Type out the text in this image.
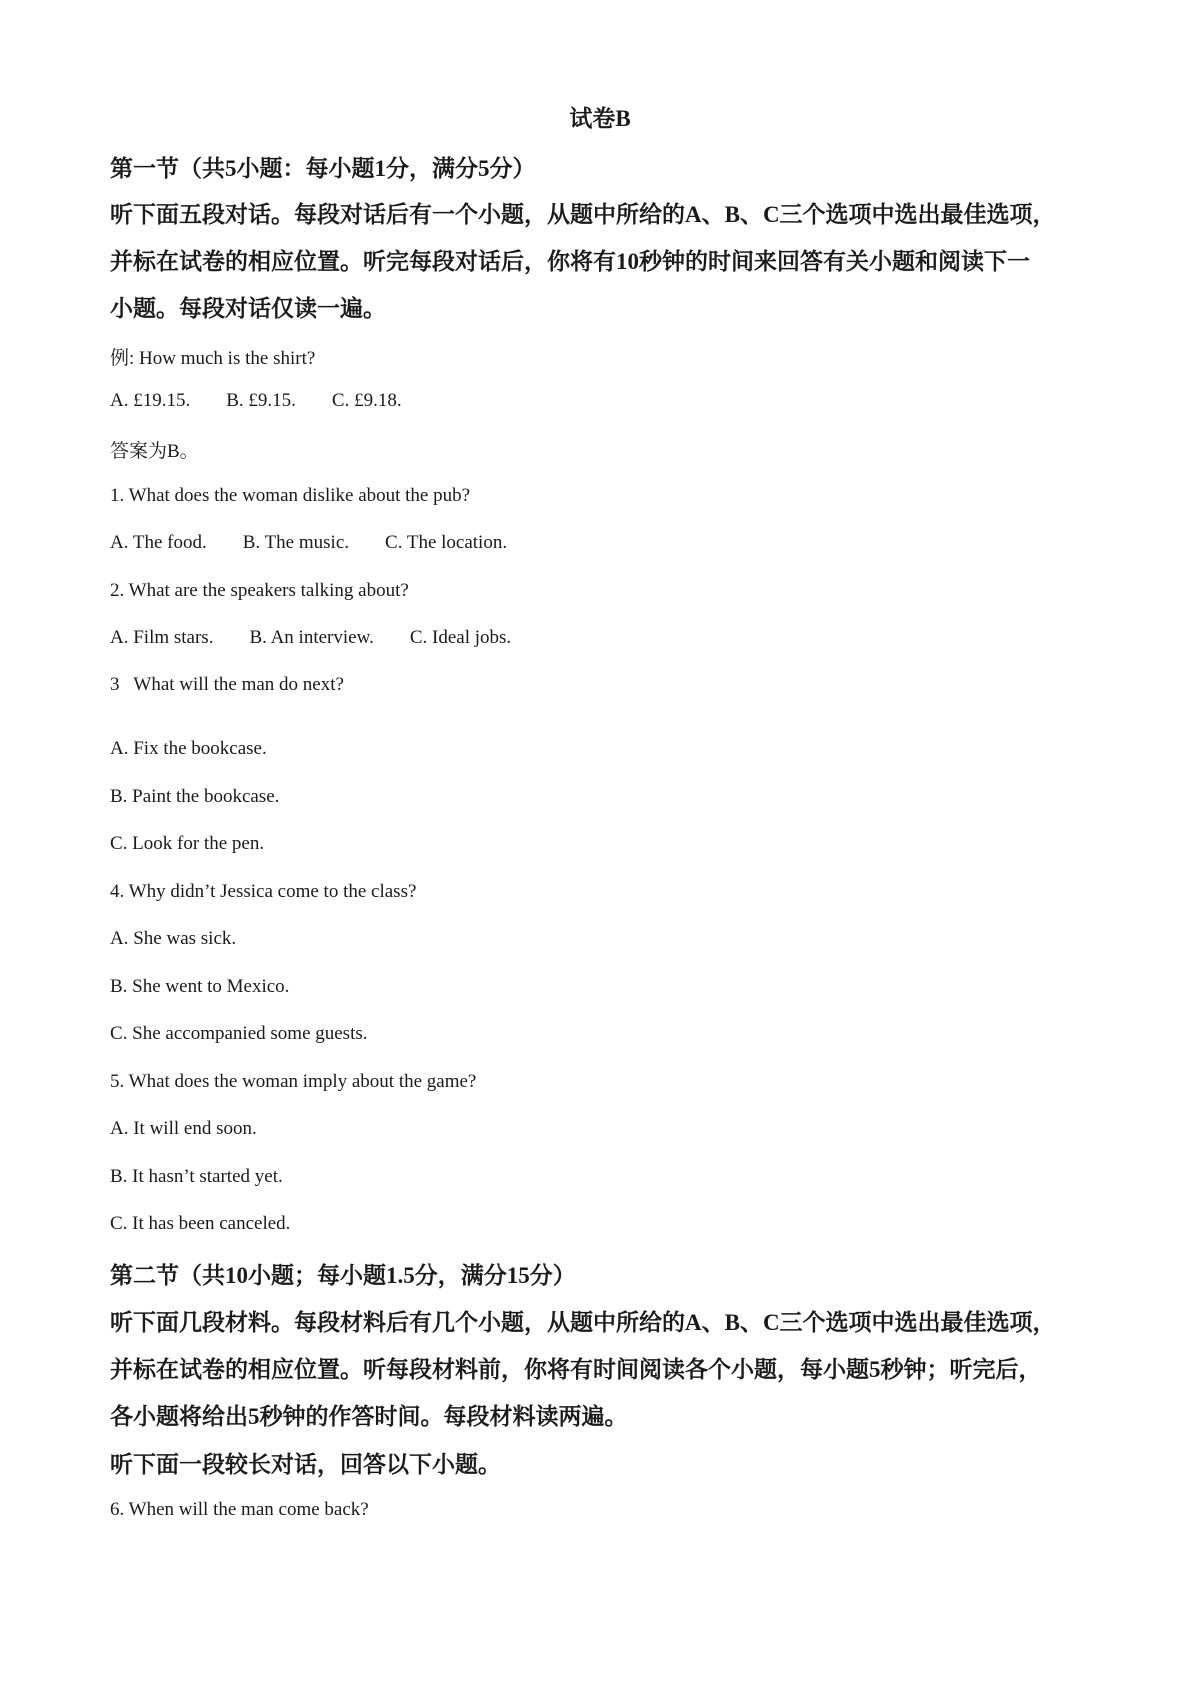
试卷B
第一节（共5小题：每小题1分，满分5分）
听下面五段对话。每段对话后有一个小题，从题中所给的A、B、C三个选项中选出最佳选项，
并标在试卷的相应位置。听完每段对话后，你将有10秒钟的时间来回答有关小题和阅读下一
小题。每段对话仅读一遍。
例: How much is the shirt?
A. £19.15. B. £9.15. C. £9.18.
答案为B。
1. What does the woman dislike about the pub?
A. The food. B. The music. C. The location.
2. What are the speakers talking about?
A. Film stars. B. An interview. C. Ideal jobs.
3   What will the man do next?
A. Fix the bookcase.
B. Paint the bookcase.
C. Look for the pen.
4. Why didn’t Jessica come to the class?
A. She was sick.
B. She went to Mexico.
C. She accompanied some guests.
5. What does the woman imply about the game?
A. It will end soon.
B. It hasn’t started yet.
C. It has been canceled.
第二节（共10小题；每小题1.5分，满分15分）
听下面几段材料。每段材料后有几个小题，从题中所给的A、B、C三个选项中选出最佳选项，
并标在试卷的相应位置。听每段材料前，你将有时间阅读各个小题，每小题5秒钟；听完后，
各小题将给出5秒钟的作答时间。每段材料读两遍。
听下面一段较长对话，回答以下小题。
6. When will the man come back?
